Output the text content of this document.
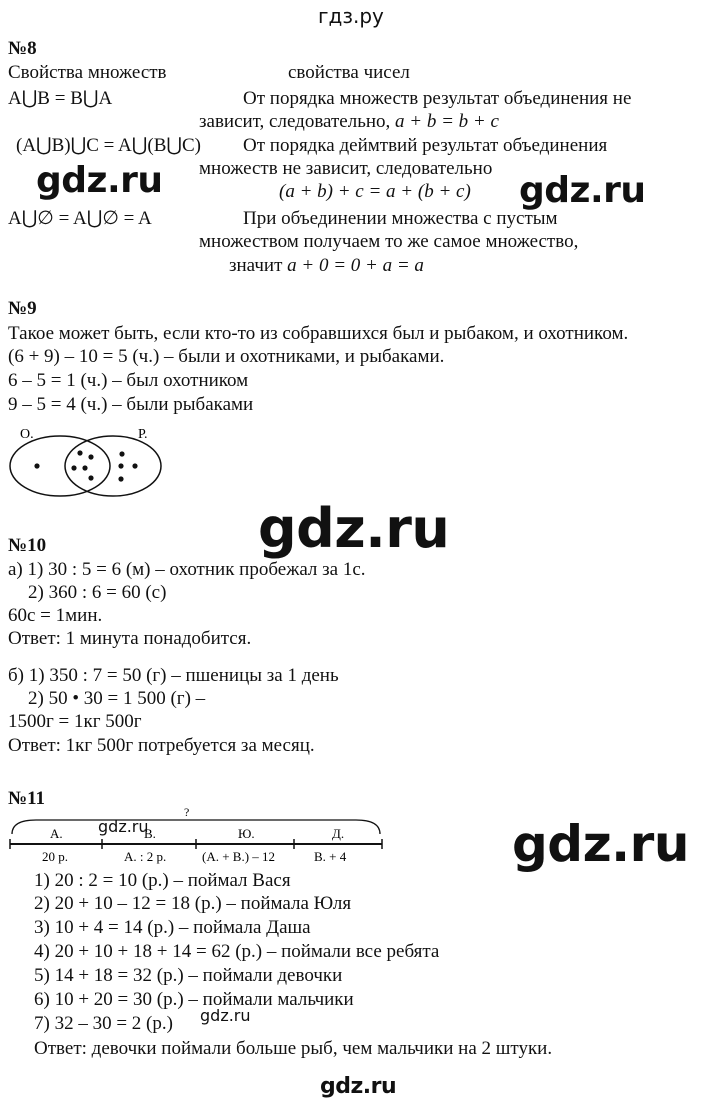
гдз.ру
№8
Свойства множеств	свойства чисел
A⋃B = B⋃A	От порядка множеств результат объединения не
зависит, следовательно, a + b = b + c
(A⋃B)⋃C = A⋃(B⋃C) От порядка деймтвий результат объединения
множеств не зависит, следовательно
(a + b) + c = a + (b + c)
A⋃∅ = A⋃∅ = A	При объединении множества с пустым
множеством получаем то же самое множество,
значит a + 0 = 0 + a = a
gdz.ru	gdz.ru
№9
Такое может быть, если кто-то из собравшихся был и рыбаком, и охотником.
(6 + 9) – 10 = 5 (ч.) – были и охотниками, и рыбаками.
6 – 5 = 1 (ч.) – был охотником
9 – 5 = 4 (ч.) – были рыбаками
О.	Р.
gdz.ru
№10
а) 1) 30 : 5 = 6 (м) – охотник пробежал за 1с.
2) 360 : 6 = 60 (с)
60с = 1мин.
Ответ: 1 минута понадобится.
б) 1) 350 : 7 = 50 (г) – пшеницы за 1 день
2) 50 • 30 = 1 500 (г) –
1500г = 1кг 500г
Ответ: 1кг 500г потребуется за месяц.
№11
?
А.	В.	Ю.	Д.
20 р.	А. : 2 р.	(А. + В.) – 12	В. + 4
gdz.ru	gdz.ru
1) 20 : 2 = 10 (р.) – поймал Вася
2) 20 + 10 – 12 = 18 (р.) – поймала Юля
3) 10 + 4 = 14 (р.) – поймала Даша
4) 20 + 10 + 18 + 14 = 62 (р.) – поймали все ребята
5) 14 + 18 = 32 (р.) – поймали девочки
6) 10 + 20 = 30 (р.) – поймали мальчики
7) 32 – 30 = 2 (р.) gdz.ru
Ответ: девочки поймали больше рыб, чем мальчики на 2 штуки.
gdz.ru
